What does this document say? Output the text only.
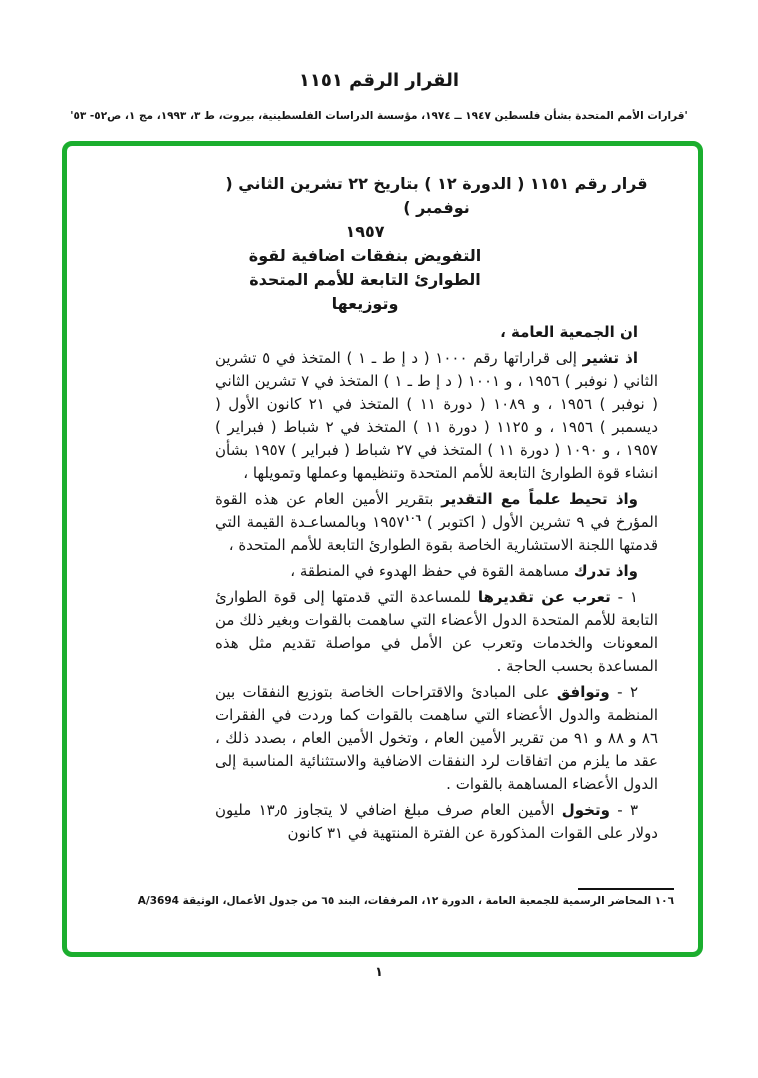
القرار الرقم ١١٥١
'قرارات الأمم المتحدة بشأن فلسطين ١٩٤٧ ــ ١٩٧٤، مؤسسة الدراسات الفلسطينية، بيروت، ط ٣، ١٩٩٣، مج ١، ص٥٢- ٥٣'
قرار رقم ١١٥١ ( الدورة ١٢ ) بتاريخ ٢٢ تشرين الثاني ( نوفمبر )
١٩٥٧
التفويض بنفقات اضافية لقوة
الطوارئ التابعة للأمم المتحدة
وتوزيعها

ان الجمعية العامة ،

اذ تشير إلى قراراتها رقم ١٠٠٠ ( د إ ط ـ ١ ) المتخذ في ٥ تشرين الثاني ( نوفبر ) ١٩٥٦ ، و ١٠٠١ ( د إ ط ـ ١ ) المتخذ في ٧ تشرين الثاني ( نوفبر ) ١٩٥٦ ، و ١٠٨٩ ( دورة ١١ ) المتخذ في ٢١ كانون الأول ( ديسمبر ) ١٩٥٦ ، و ١١٢٥ ( دورة ١١ ) المتخذ في ٢ شباط ( فبراير ) ١٩٥٧ ، و ١٠٩٠ ( دورة ١١ ) المتخذ في ٢٧ شباط ( فبراير ) ١٩٥٧ بشأن انشاء قوة الطوارئ التابعة للأمم المتحدة وتنظيمها وعملها وتمويلها ،

واذ تحيط علماً مع التقدير بتقرير الأمين العام عن هذه القوة المؤرخ في ٩ تشرين الأول ( اكتوبر ) ١٩٥٧$^{١٠٦}$ وبالمساعـدة القيمة التي قدمتها اللجنة الاستشارية الخاصة بقوة الطوارئ التابعة للأمم المتحدة ،

واذ تدرك مساهمة القوة في حفظ الهدوء في المنطقة ،

١ - تعرب عن تقديرها للمساعدة التي قدمتها إلى قوة الطوارئ التابعة للأمم المتحدة الدول الأعضاء التي ساهمت بالقوات وبغير ذلك من المعونات والخدمات وتعرب عن الأمل في مواصلة تقديم مثل هذه المساعدة بحسب الحاجة .

٢ - وتوافق على المبادئ والاقتراحات الخاصة بتوزيع النفقات بين المنظمة والدول الأعضاء التي ساهمت بالقوات كما وردت في الفقرات ٨٦ و ٨٨ و ٩١ من تقرير الأمين العام ، وتخول الأمين العام ، بصدد ذلك ، عقد ما يلزم من اتفاقات لرد النفقات الاضافية والاستثنائية المناسبة إلى الدول الأعضاء المساهمة بالقوات .

٣ - وتخول الأمين العام صرف مبلغ اضافي لا يتجاوز ١٣٫٥ مليون دولار على القوات المذكورة عن الفترة المنتهية في ٣١ كانون

١٠٦ المحاضر الرسمية للجمعية العامة ، الدورة ١٢، المرفقات، البند ٦٥ من جدول الأعمال، الوثيقة A/3694
١
